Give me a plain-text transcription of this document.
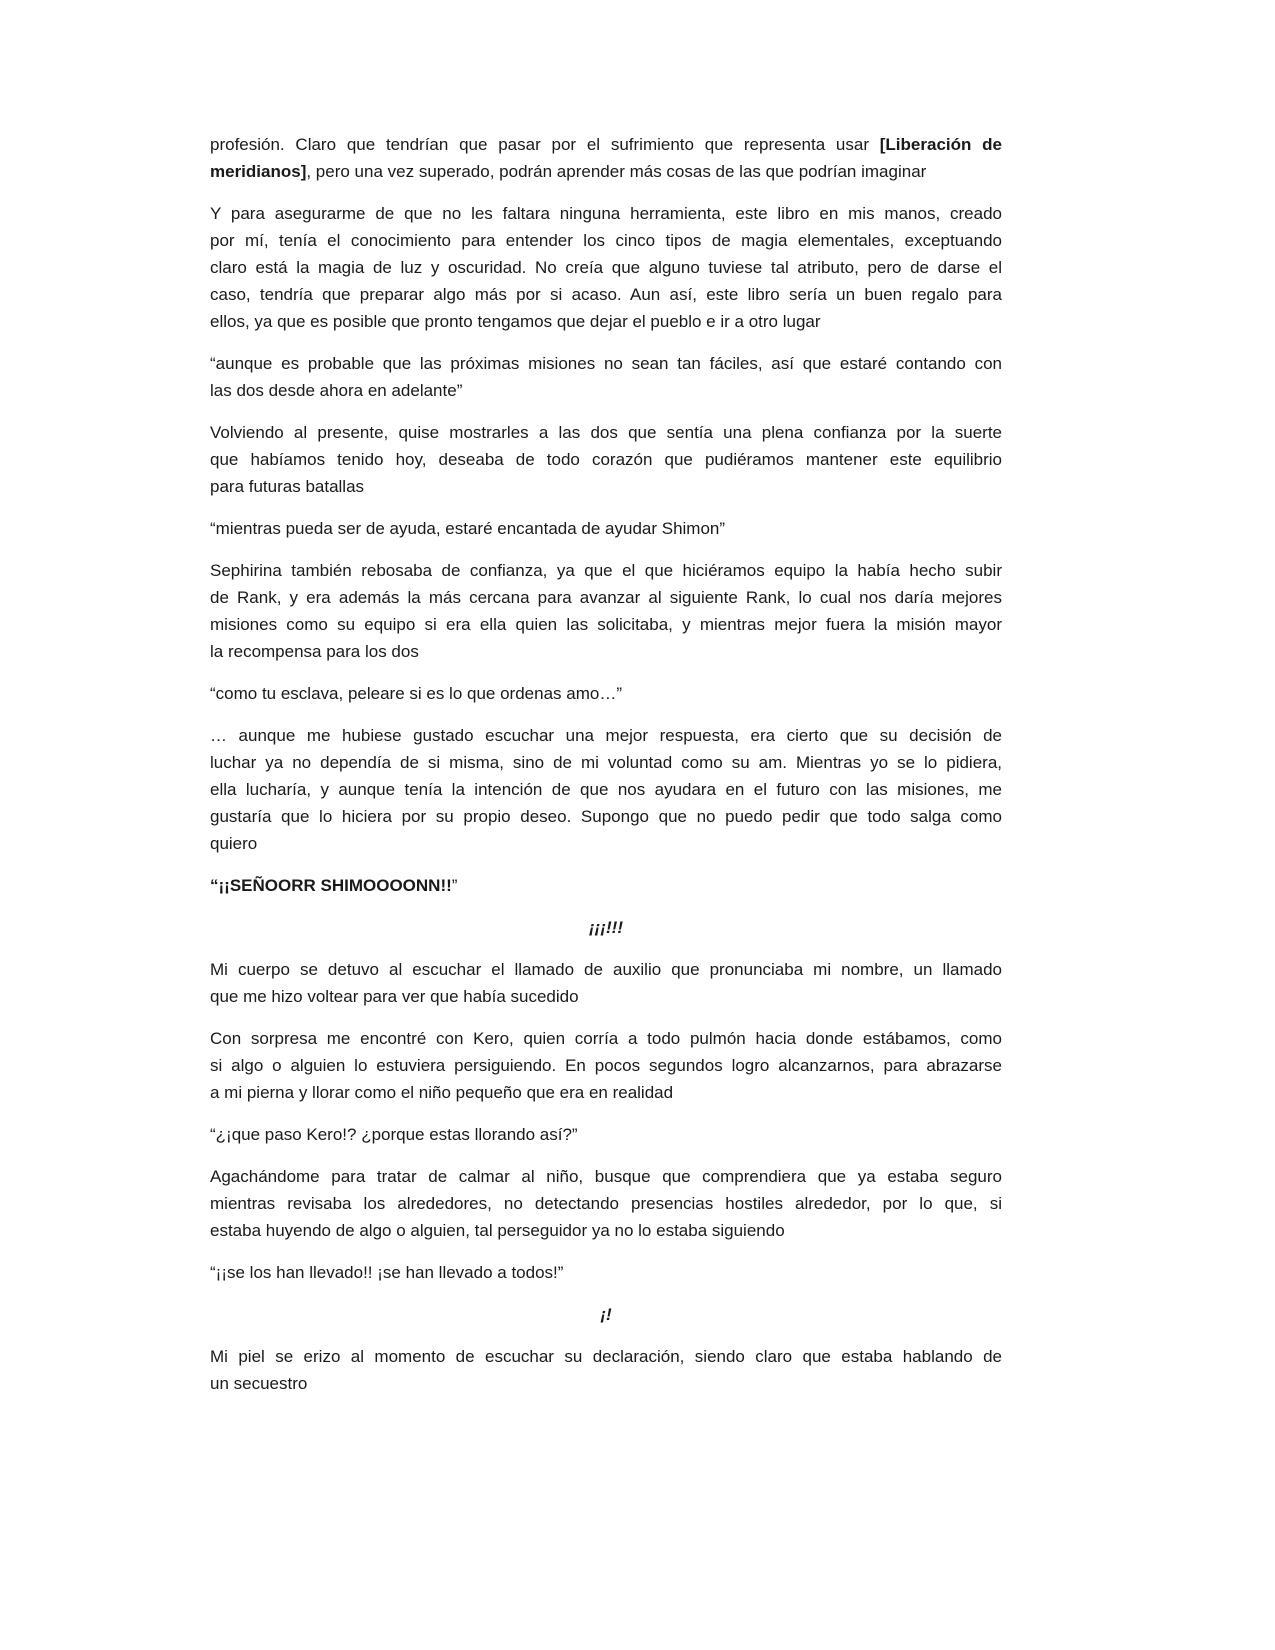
profesión. Claro que tendrían que pasar por el sufrimiento que representa usar [Liberación de
meridianos], pero una vez superado, podrán aprender más cosas de las que podrían imaginar
Y para asegurarme de que no les faltara ninguna herramienta, este libro en mis manos, creado
por mí, tenía el conocimiento para entender los cinco tipos de magia elementales, exceptuando
claro está la magia de luz y oscuridad. No creía que alguno tuviese tal atributo, pero de darse el
caso, tendría que preparar algo más por si acaso. Aun así, este libro sería un buen regalo para
ellos, ya que es posible que pronto tengamos que dejar el pueblo e ir a otro lugar
“aunque es probable que las próximas misiones no sean tan fáciles, así que estaré contando con
las dos desde ahora en adelante”
Volviendo al presente, quise mostrarles a las dos que sentía una plena confianza por la suerte
que habíamos tenido hoy, deseaba de todo corazón que pudiéramos mantener este equilibrio
para futuras batallas
“mientras pueda ser de ayuda, estaré encantada de ayudar Shimon”
Sephirina también rebosaba de confianza, ya que el que hiciéramos equipo la había hecho subir
de Rank, y era además la más cercana para avanzar al siguiente Rank, lo cual nos daría mejores
misiones como su equipo si era ella quien las solicitaba, y mientras mejor fuera la misión mayor
la recompensa para los dos
“como tu esclava, peleare si es lo que ordenas amo…”
… aunque me hubiese gustado escuchar una mejor respuesta, era cierto que su decisión de
luchar ya no dependía de si misma, sino de mi voluntad como su am. Mientras yo se lo pidiera,
ella lucharía, y aunque tenía la intención de que nos ayudara en el futuro con las misiones, me
gustaría que lo hiciera por su propio deseo. Supongo que no puedo pedir que todo salga como
quiero
“¡¡SEÑOORR SHIMOOOONN!!”
¡¡¡!!!
Mi cuerpo se detuvo al escuchar el llamado de auxilio que pronunciaba mi nombre, un llamado
que me hizo voltear para ver que había sucedido
Con sorpresa me encontré con Kero, quien corría a todo pulmón hacia donde estábamos, como
si algo o alguien lo estuviera persiguiendo. En pocos segundos logro alcanzarnos, para abrazarse
a mi pierna y llorar como el niño pequeño que era en realidad
“¿¡que paso Kero!? ¿porque estas llorando así?”
Agachándome para tratar de calmar al niño, busque que comprendiera que ya estaba seguro
mientras revisaba los alrededores, no detectando presencias hostiles alrededor, por lo que, si
estaba huyendo de algo o alguien, tal perseguidor ya no lo estaba siguiendo
“¡¡se los han llevado!! ¡se han llevado a todos!”
¡!
Mi piel se erizo al momento de escuchar su declaración, siendo claro que estaba hablando de
un secuestro
